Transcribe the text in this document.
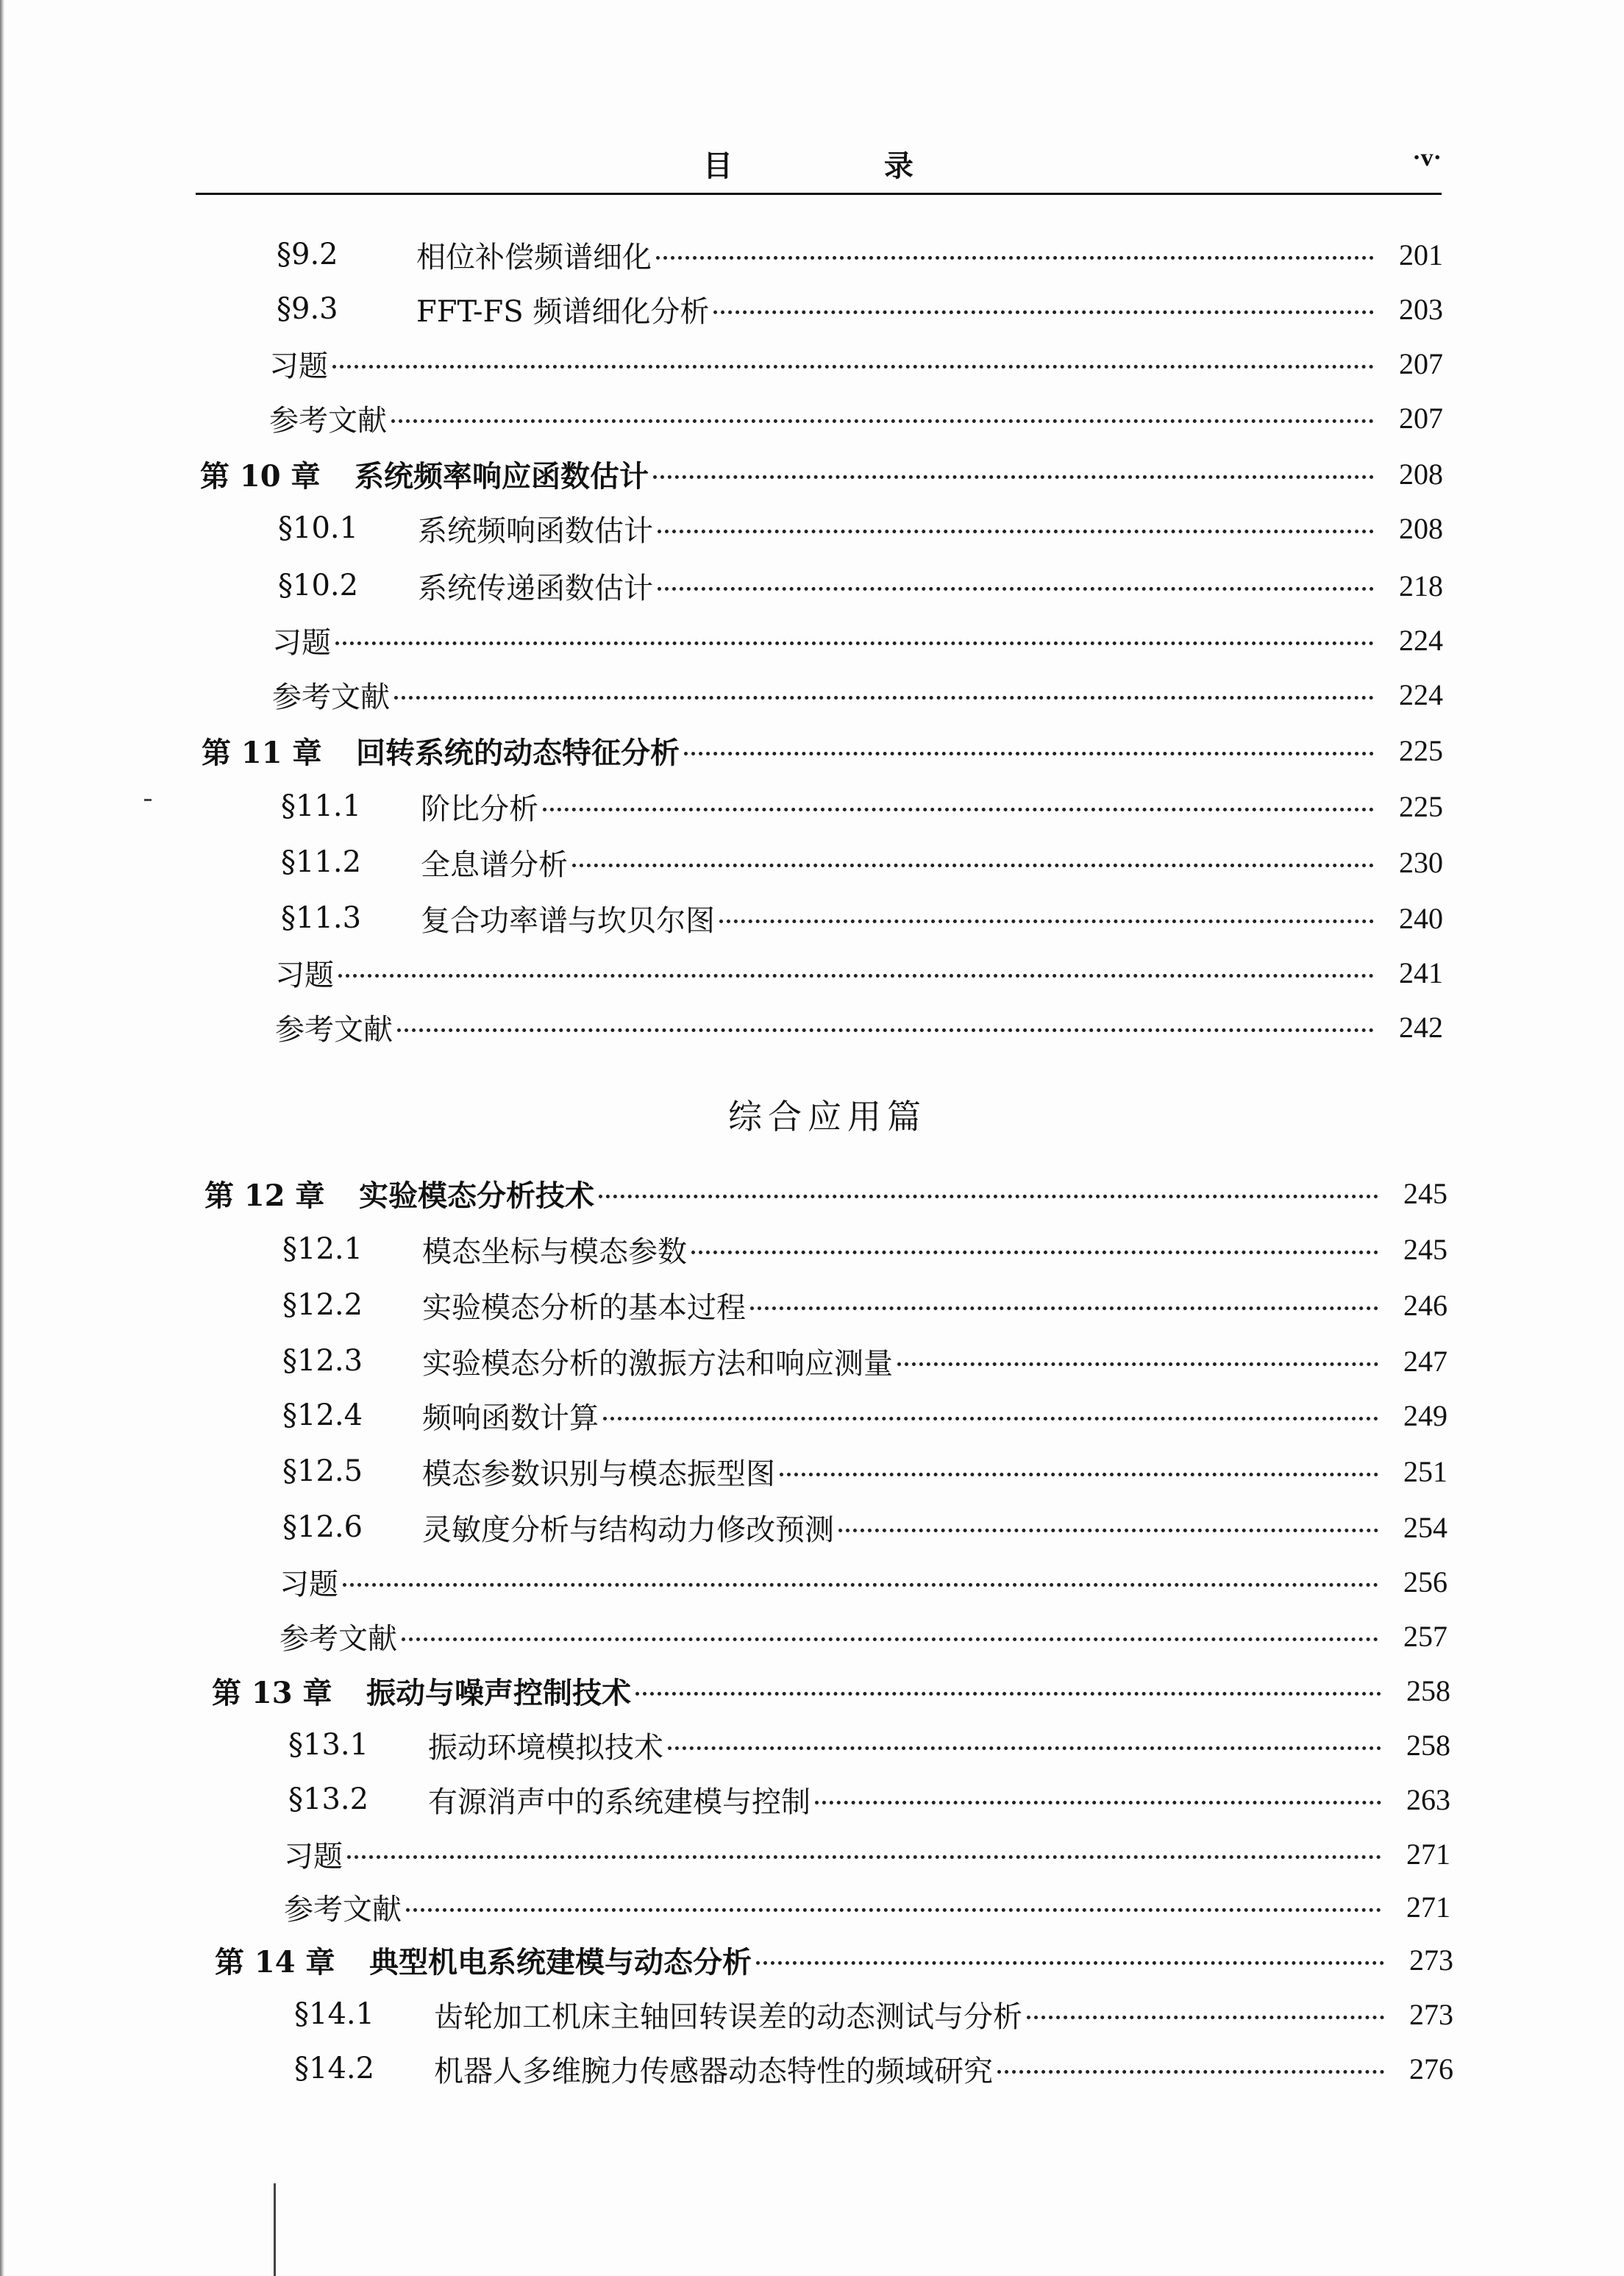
目 录	·v·
综合应用篇
§9.2	相位补偿频谱细化	201
§9.3	FFT-FS 频谱细化分析	203
习题	207
参考文献	207
第 10 章	系统频率响应函数估计	208
§10.1	系统频响函数估计	208
§10.2	系统传递函数估计	218
习题	224
参考文献	224
第 11 章	回转系统的动态特征分析	225
§11.1	阶比分析	225
§11.2	全息谱分析	230
§11.3	复合功率谱与坎贝尔图	240
习题	241
参考文献	242
第 12 章	实验模态分析技术	245
§12.1	模态坐标与模态参数	245
§12.2	实验模态分析的基本过程	246
§12.3	实验模态分析的激振方法和响应测量	247
§12.4	频响函数计算	249
§12.5	模态参数识别与模态振型图	251
§12.6	灵敏度分析与结构动力修改预测	254
习题	256
参考文献	257
第 13 章	振动与噪声控制技术	258
§13.1	振动环境模拟技术	258
§13.2	有源消声中的系统建模与控制	263
习题	271
参考文献	271
第 14 章	典型机电系统建模与动态分析	273
§14.1	齿轮加工机床主轴回转误差的动态测试与分析	273
§14.2	机器人多维腕力传感器动态特性的频域研究	276
